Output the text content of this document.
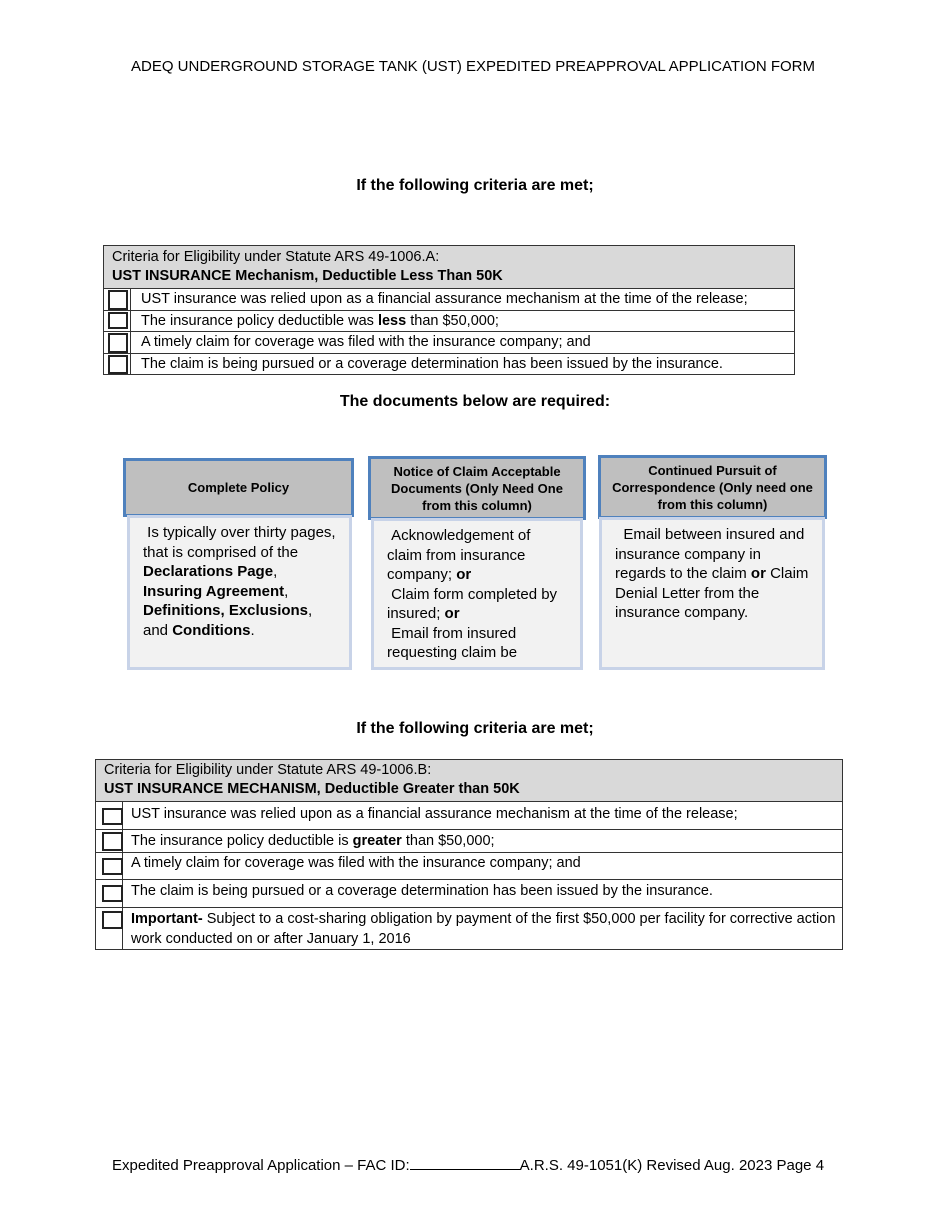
ADEQ UNDERGROUND STORAGE TANK (UST) EXPEDITED PREAPPROVAL APPLICATION FORM
If the following criteria are met;
Criteria for Eligibility under Statute ARS 49-1006.A:
UST INSURANCE Mechanism, Deductible Less Than 50K	

	UST insurance was relied upon as a financial assurance mechanism at the time of the release;

	The insurance policy deductible was less than $50,000;

	A timely claim for coverage was filed with the insurance company; and

	The claim is being pursued or a coverage determination has been issued by the insurance.
The documents below are required:
Complete Policy
Is typically over thirty pages, that is comprised of the Declarations Page, Insuring Agreement, Definitions, Exclusions, and Conditions.
Notice of Claim Acceptable Documents (Only Need One from this column)
Acknowledgement of claim from insurance company; or
Claim form completed by insured; or
Email from insured requesting claim be
Continued Pursuit of Correspondence (Only need one from this column)
Email between insured and insurance company in regards to the claim or Claim Denial Letter from the insurance company.
If the following criteria are met;
Criteria for Eligibility under Statute ARS 49-1006.B:
UST INSURANCE MECHANISM, Deductible Greater than 50K	

	UST insurance was relied upon as a financial assurance mechanism at the time of the release;

	The insurance policy deductible is greater than $50,000;

	A timely claim for coverage was filed with the insurance company; and

	The claim is being pursued or a coverage determination has been issued by the insurance.

	Important- Subject to a cost-sharing obligation by payment of the first $50,000 per facility for corrective action work conducted on or after January 1, 2016
Expedited Preapproval Application – FAC ID:	A.R.S. 49-1051(K) Revised Aug. 2023 Page 4
